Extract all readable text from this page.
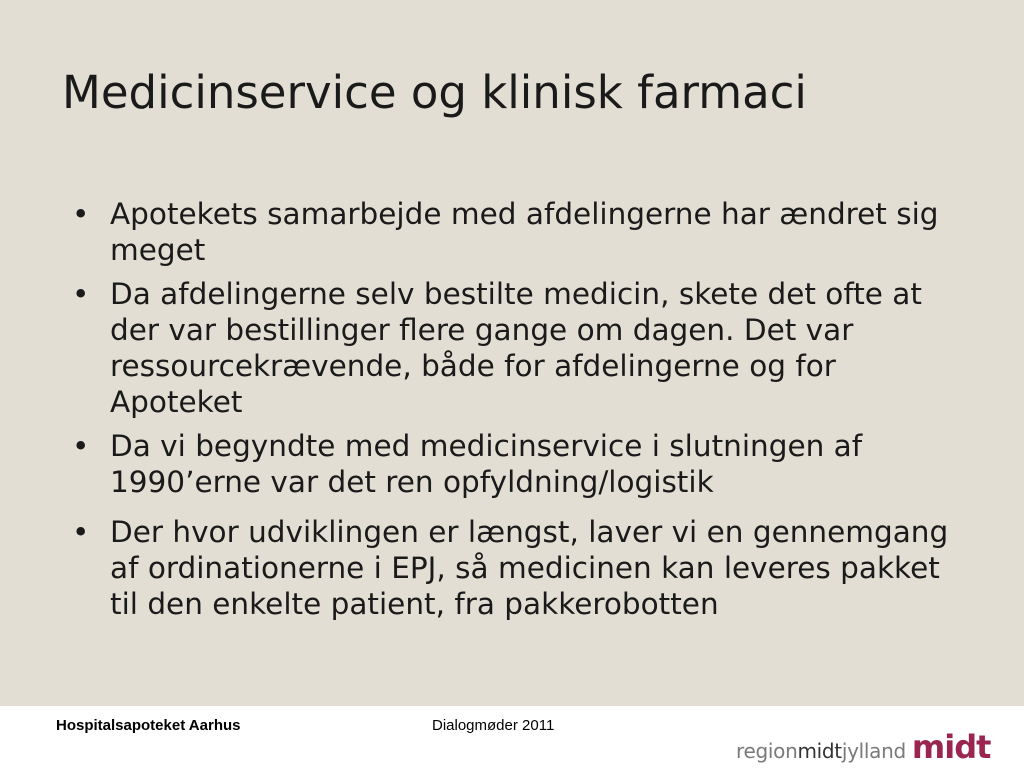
Medicinservice og klinisk farmaci
• Apotekets samarbejde med afdelingerne har ændret sig meget
• Da afdelingerne selv bestilte medicin, skete det ofte at der var bestillinger flere gange om dagen. Det var ressourcekrævende, både for afdelingerne og for Apoteket
• Da vi begyndte med medicinservice i slutningen af 1990’erne var det ren opfyldning/logistik
• Der hvor udviklingen er længst, laver vi en gennemgang af ordinationerne i EPJ, så medicinen kan leveres pakket til den enkelte patient, fra pakkerobotten
Hospitalsapoteket Aarhus	Dialogmøder 2011
regionmidtjylland midt
